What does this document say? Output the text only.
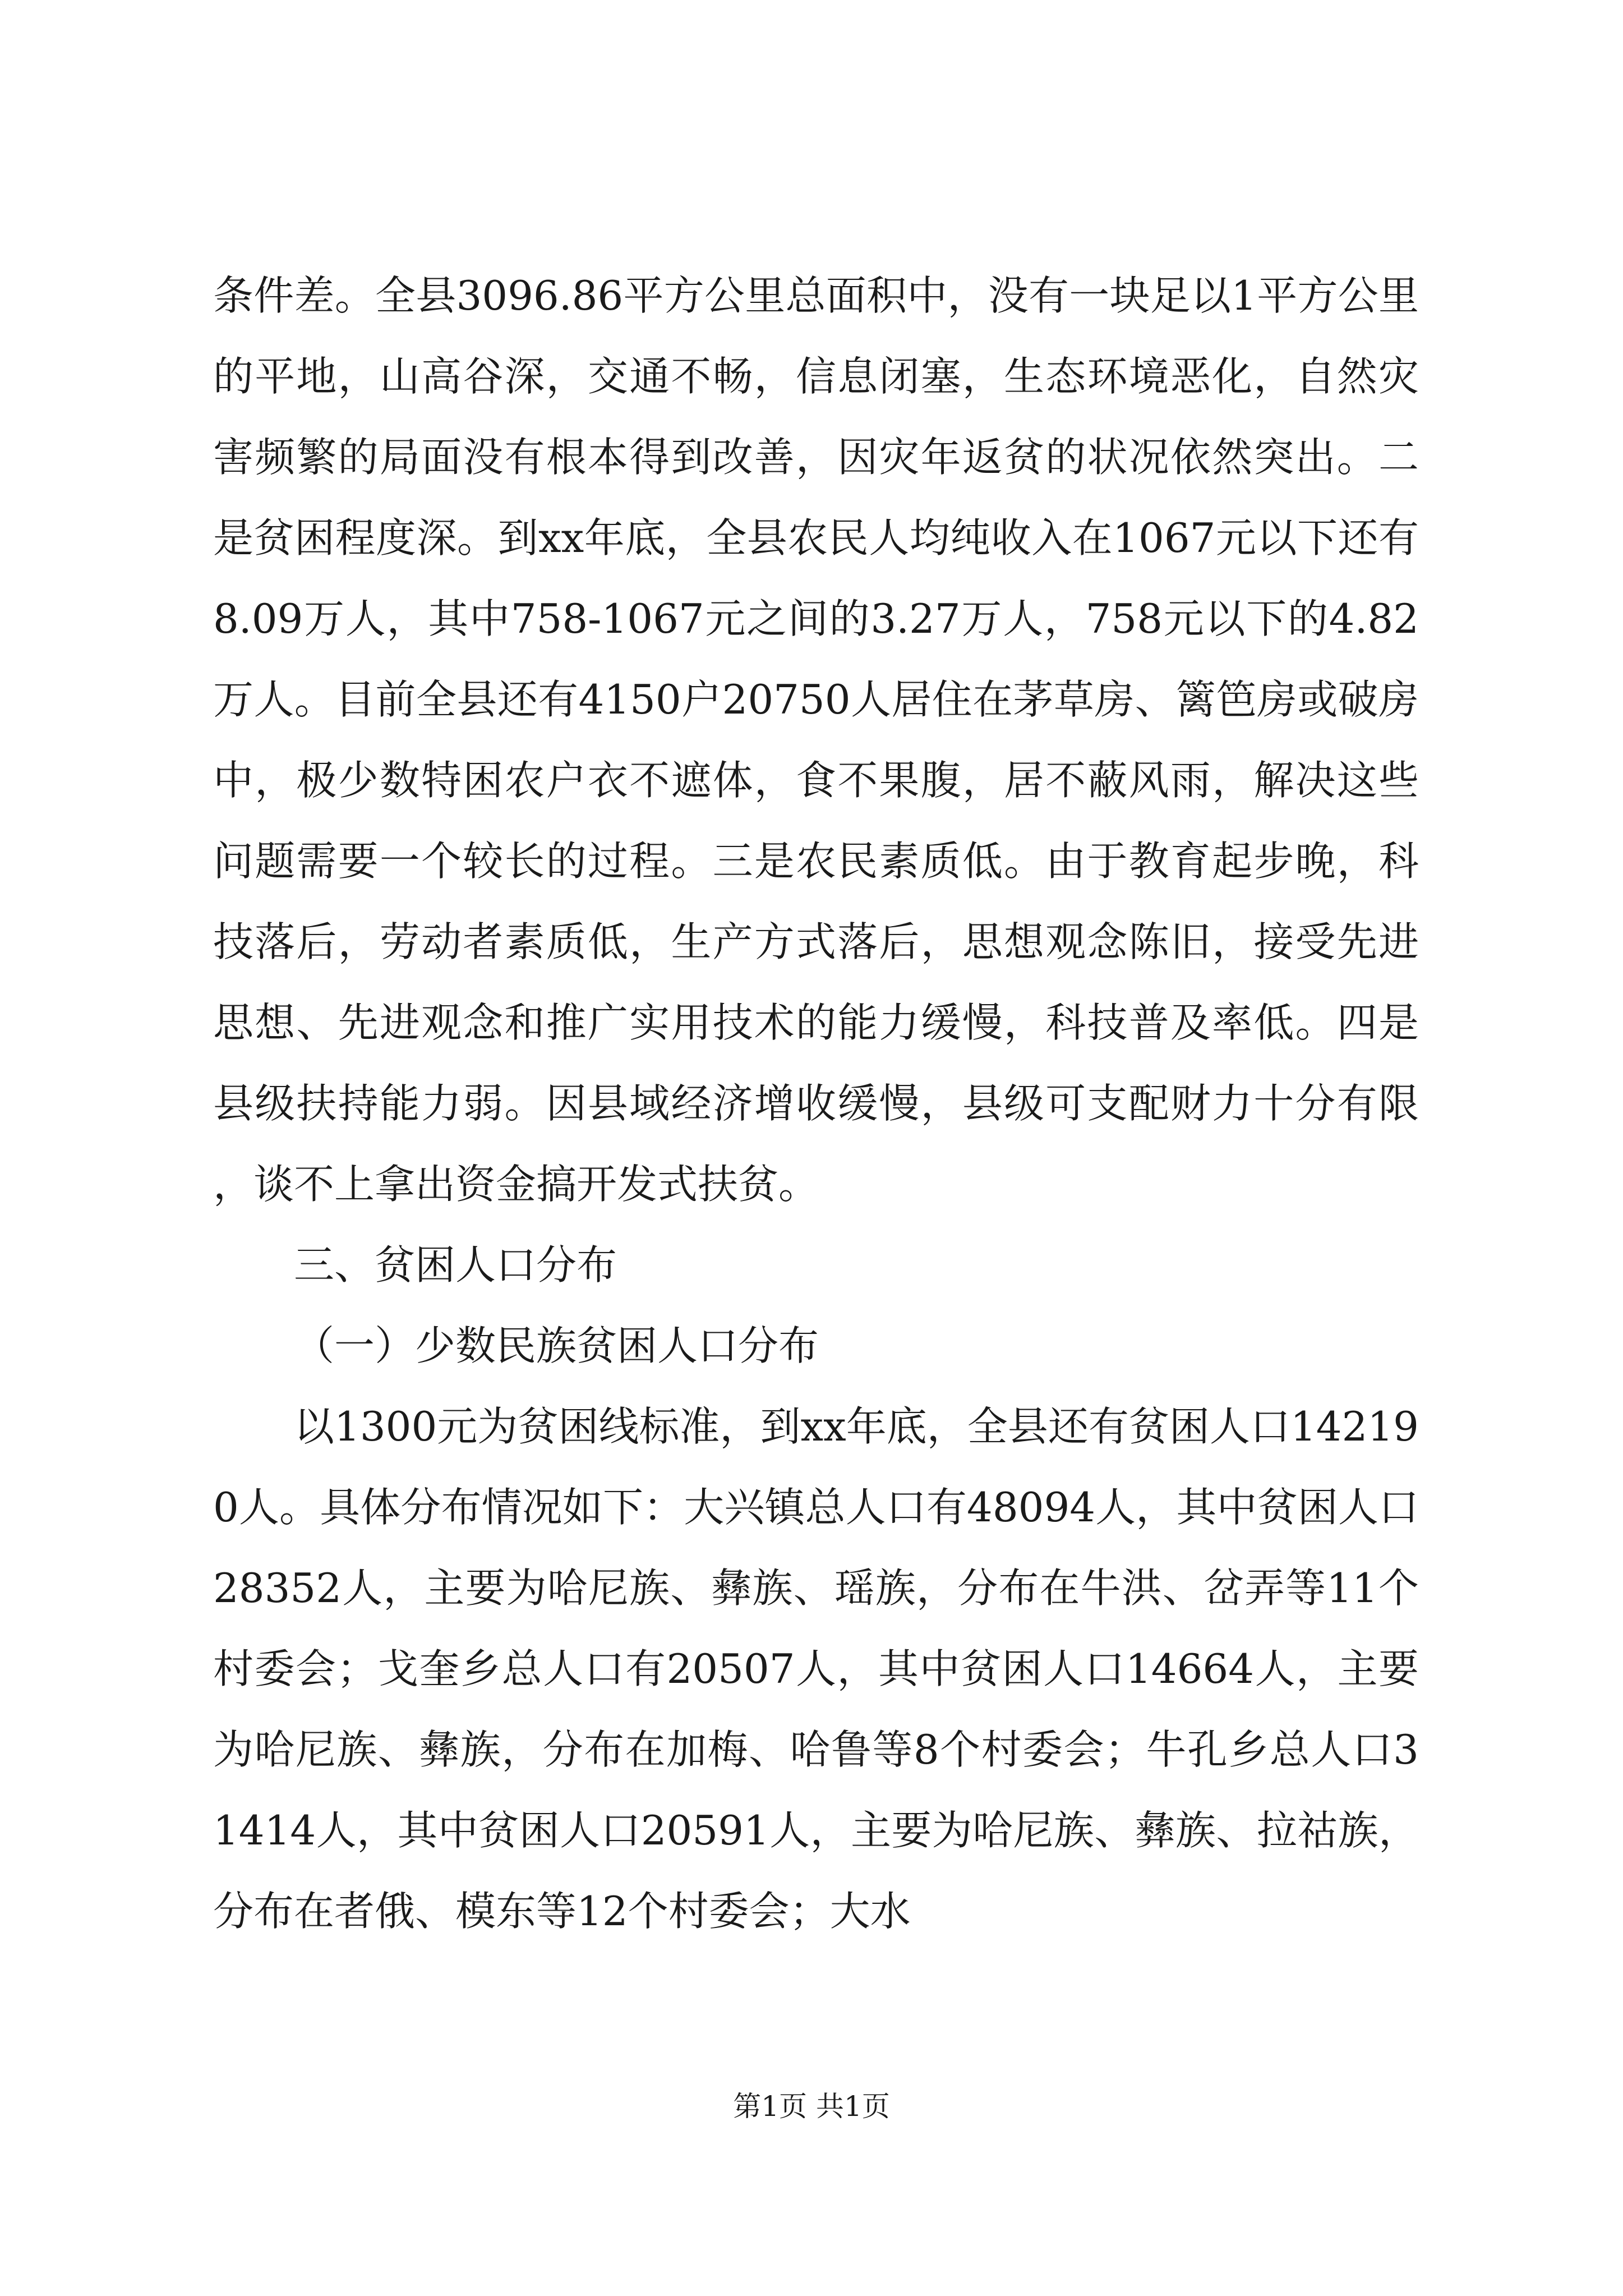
条件差。全县3096.86平方公里总面积中，没有一块足以1平方公里的平地，山高谷深，交通不畅，信息闭塞，生态环境恶化，自然灾害频繁的局面没有根本得到改善，因灾年返贫的状况依然突出。二是贫困程度深。到xx年底，全县农民人均纯收入在1067元以下还有8.09万人，其中758-1067元之间的3.27万人，758元以下的4.82万人。目前全县还有4150户20750人居住在茅草房、篱笆房或破房中，极少数特困农户衣不遮体，食不果腹，居不蔽风雨，解决这些问题需要一个较长的过程。三是农民素质低。由于教育起步晚，科技落后，劳动者素质低，生产方式落后，思想观念陈旧，接受先进思想、先进观念和推广实用技术的能力缓慢，科技普及率低。四是县级扶持能力弱。因县域经济增收缓慢，县级可支配财力十分有限，谈不上拿出资金搞开发式扶贫。

三、贫困人口分布

（一）少数民族贫困人口分布

以1300元为贫困线标准，到xx年底，全县还有贫困人口142190人。具体分布情况如下：大兴镇总人口有48094人，其中贫困人口28352人，主要为哈尼族、彝族、瑶族，分布在牛洪、岔弄等11个村委会；戈奎乡总人口有20507人，其中贫困人口14664人，主要为哈尼族、彝族，分布在加梅、哈鲁等8个村委会；牛孔乡总人口31414人，其中贫困人口20591人，主要为哈尼族、彝族、拉祜族，分布在者俄、模东等12个村委会；大水

第1页 共1页
